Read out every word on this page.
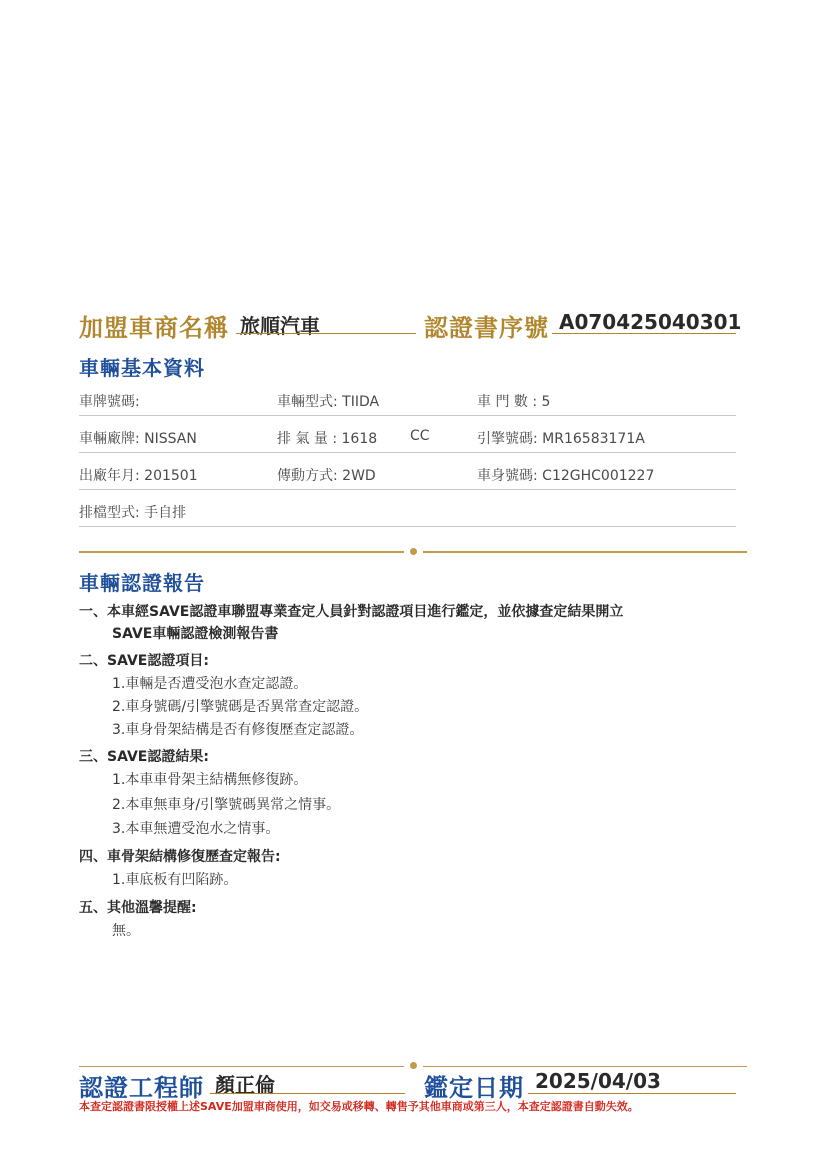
加盟車商名稱 旅順汽車	認證書序號 A070425040301
車輛基本資料
車牌號碼:	車輛型式: TIIDA	車 門 數 : 5
車輛廠牌: NISSAN	排 氣 量 : 1618 CC	引擎號碼: MR16583171A
出廠年月: 201501	傳動方式: 2WD	車身號碼: C12GHC001227
排檔型式: 手自排
車輛認證報告
一、本車經SAVE認證車聯盟專業查定人員針對認證項目進行鑑定，並依據查定結果開立
SAVE車輛認證檢測報告書
二、SAVE認證項目:
1.車輛是否遭受泡水查定認證。
2.車身號碼/引擎號碼是否異常查定認證。
3.車身骨架結構是否有修復歷查定認證。
三、SAVE認證結果:
1.本車車骨架主結構無修復跡。
2.本車無車身/引擎號碼異常之情事。
3.本車無遭受泡水之情事。
四、車骨架結構修復歷查定報告:
1.車底板有凹陷跡。
五、其他溫馨提醒:
無。
認證工程師 顏正倫	鑑定日期 2025/04/03
本查定認證書限授權上述SAVE加盟車商使用，如交易或移轉、轉售予其他車商或第三人，本查定認證書自動失效。
